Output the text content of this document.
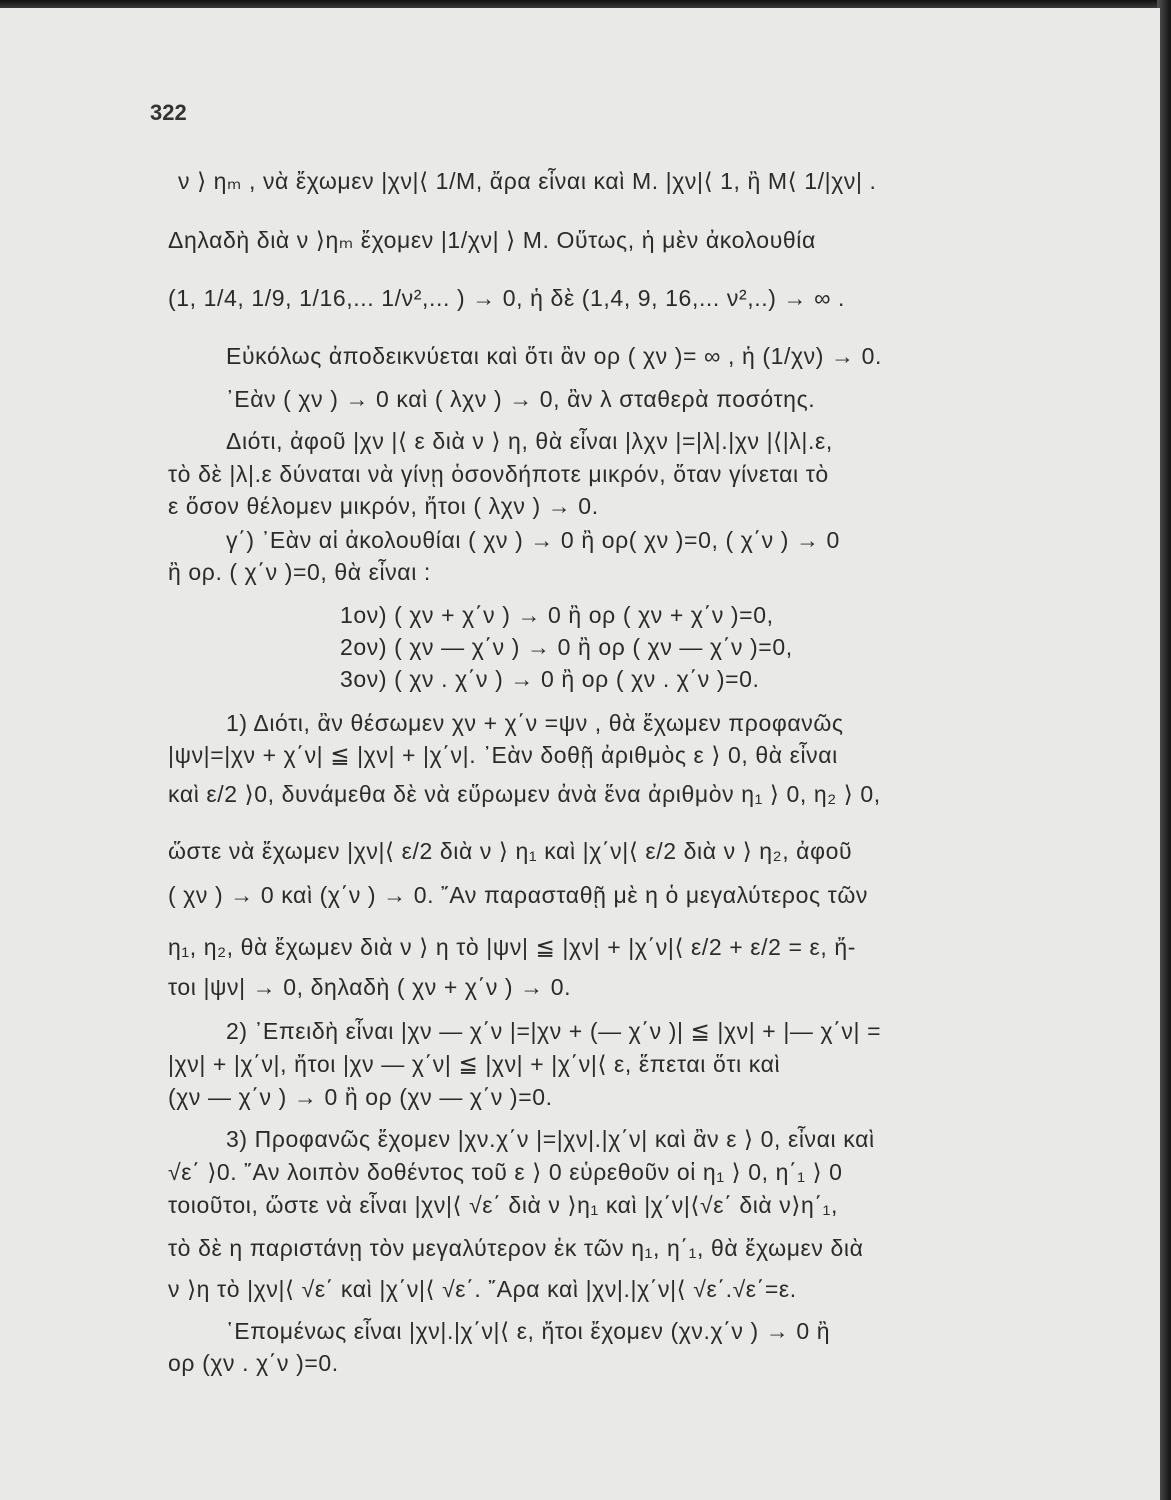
322
ν ⟩ ηₘ , νὰ ἔχωμεν |χν|⟨ 1/M, ἄρα εἶναι καὶ Μ. |χν|⟨ 1, ἢ Μ⟨ 1/|χν| .
Δηλαδὴ διὰ ν ⟩ηₘ ἔχομεν |1/χν| ⟩ Μ. Οὕτως, ἡ μὲν ἀκολουθία
(1, 1/4, 1/9, 1/16,... 1/ν²,... ) → 0, ἡ δὲ (1,4, 9, 16,... ν²,..) → ∞ .
Εὐκόλως ἀποδεικνύεται καὶ ὅτι ἂν ορ ( χν )= ∞ , ἡ (1/χν) → 0.
᾿Εὰν ( χν ) → 0 καὶ ( λχν ) → 0, ἂν λ σταθερὰ ποσότης.
Διότι, ἀφοῦ |χν |⟨ ε διὰ ν ⟩ η, θὰ εἶναι |λχν |=|λ|.|χν |⟨|λ|.ε,
τὸ δὲ |λ|.ε δύναται νὰ γίνῃ ὁσονδήποτε μικρόν, ὅταν γίνεται τὸ
ε ὅσον θέλομεν μικρόν, ἤτοι ( λχν ) → 0.
γ΄) ᾿Εὰν αἱ ἀκολουθίαι ( χν ) → 0 ἢ ορ( χν )=0, ( χ΄ν ) → 0
ἢ ορ. ( χ΄ν )=0, θὰ εἶναι :
1ον) ( χν + χ΄ν ) → 0 ἢ ορ ( χν + χ΄ν )=0,
2ον) ( χν — χ΄ν ) → 0 ἢ ορ ( χν — χ΄ν )=0,
3ον) ( χν . χ΄ν ) → 0 ἢ ορ ( χν . χ΄ν )=0.
1) Διότι, ἂν θέσωμεν χν + χ΄ν =ψν , θὰ ἔχωμεν προφανῶς
|ψν|=|χν + χ΄ν| ≦ |χν| + |χ΄ν|. ᾿Εὰν δοθῇ ἀριθμὸς ε ⟩ 0, θὰ εἶναι
καὶ ε/2 ⟩0, δυνάμεθα δὲ νὰ εὕρωμεν ἀνὰ ἕνα ἀριθμὸν η₁ ⟩ 0, η₂ ⟩ 0,
ὥστε νὰ ἔχωμεν |χν|⟨ ε/2 διὰ ν ⟩ η₁ καὶ |χ΄ν|⟨ ε/2 διὰ ν ⟩ η₂, ἀφοῦ
( χν ) → 0 καὶ (χ΄ν ) → 0. ῎Αν παρασταθῇ μὲ η ὁ μεγαλύτερος τῶν
η₁, η₂, θὰ ἔχωμεν διὰ ν ⟩ η τὸ |ψν| ≦ |χν| + |χ΄ν|⟨ ε/2 + ε/2 = ε, ἤ-
τοι |ψν| → 0, δηλαδὴ ( χν + χ΄ν ) → 0.
2) ᾿Επειδὴ εἶναι |χν — χ΄ν |=|χν + (— χ΄ν )| ≦ |χν| + |— χ΄ν| =
|χν| + |χ΄ν|, ἤτοι |χν — χ΄ν| ≦ |χν| + |χ΄ν|⟨ ε, ἕπεται ὅτι καὶ
(χν — χ΄ν ) → 0 ἢ ορ (χν — χ΄ν )=0.
3) Προφανῶς ἔχομεν |χν.χ΄ν |=|χν|.|χ΄ν| καὶ ἂν ε ⟩ 0, εἶναι καὶ
√ε΄ ⟩0. ῎Αν λοιπὸν δοθέντος τοῦ ε ⟩ 0 εὑρεθοῦν οἱ η₁ ⟩ 0, η΄₁ ⟩ 0
τοιοῦτοι, ὥστε νὰ εἶναι |χν|⟨ √ε΄ διὰ ν ⟩η₁ καὶ |χ΄ν|⟨√ε΄ διὰ ν⟩η΄₁,
τὸ δὲ η παριστάνῃ τὸν μεγαλύτερον ἐκ τῶν η₁, η΄₁, θὰ ἔχωμεν διὰ
ν ⟩η τὸ |χν|⟨ √ε΄ καὶ |χ΄ν|⟨ √ε΄. ῎Αρα καὶ |χν|.|χ΄ν|⟨ √ε΄.√ε΄=ε.
῾Επομένως εἶναι |χν|.|χ΄ν|⟨ ε, ἤτοι ἔχομεν (χν.χ΄ν ) → 0 ἢ
ορ (χν . χ΄ν )=0.
